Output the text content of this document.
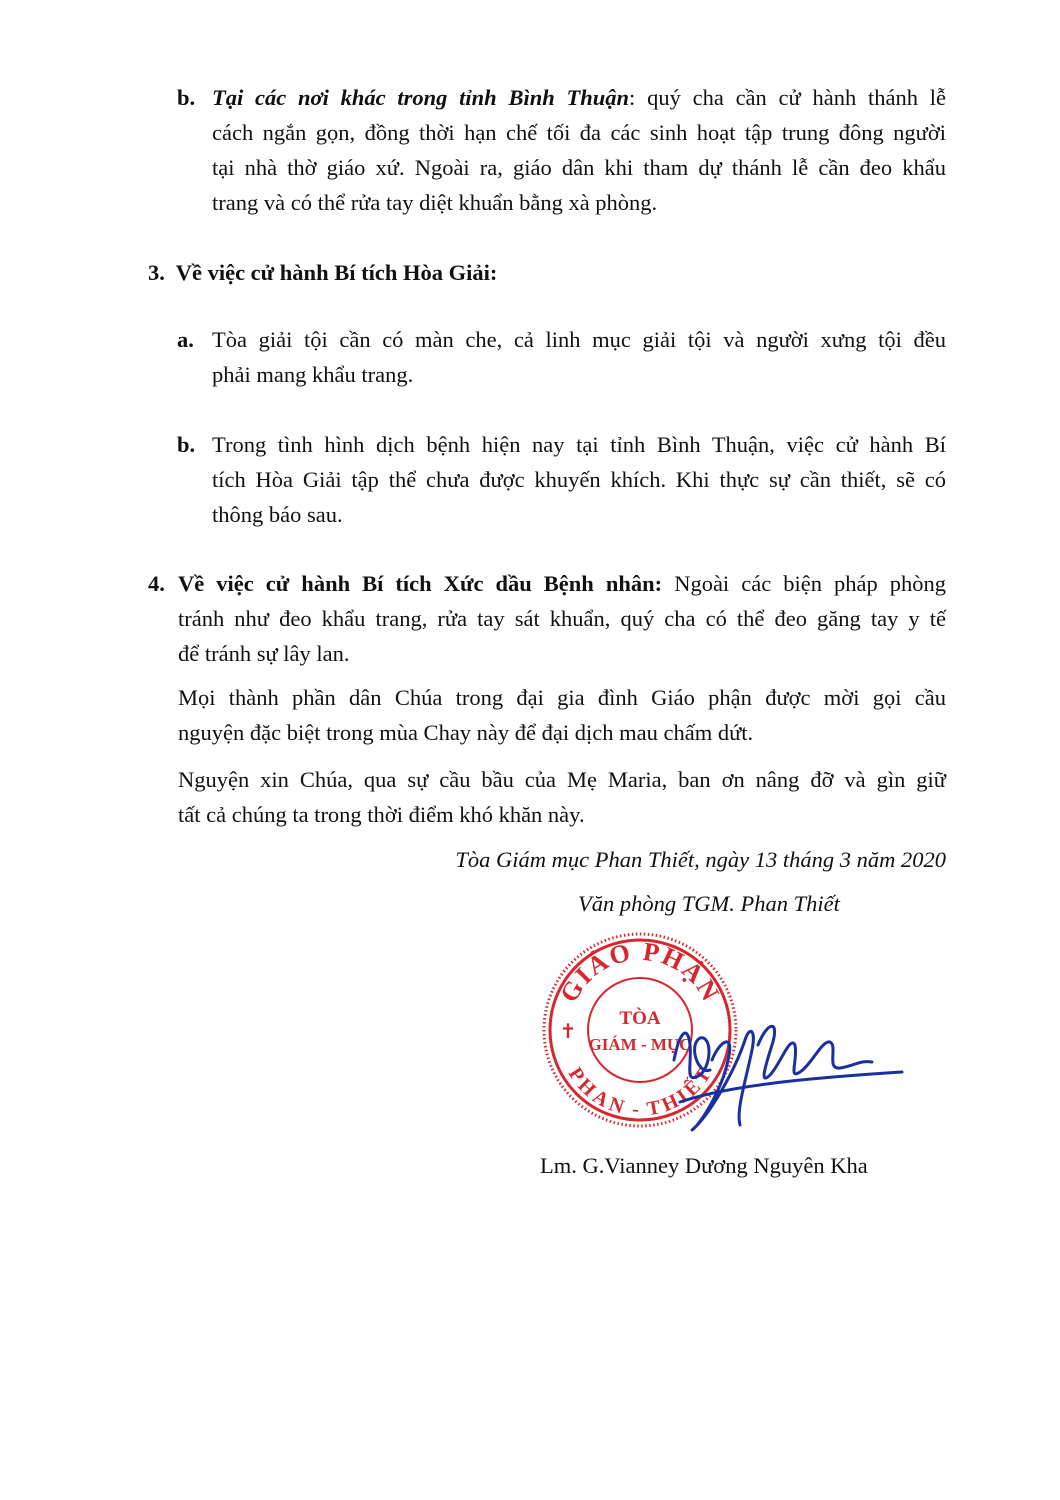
b. Tại các nơi khác trong tỉnh Bình Thuận: quý cha cần cử hành thánh lễ
cách ngắn gọn, đồng thời hạn chế tối đa các sinh hoạt tập trung đông người
tại nhà thờ giáo xứ. Ngoài ra, giáo dân khi tham dự thánh lễ cần đeo khẩu
trang và có thể rửa tay diệt khuẩn bằng xà phòng.
3.  Về việc cử hành Bí tích Hòa Giải:
a. Tòa giải tội cần có màn che, cả linh mục giải tội và người xưng tội đều
phải mang khẩu trang.
b. Trong tình hình dịch bệnh hiện nay tại tỉnh Bình Thuận, việc cử hành Bí
tích Hòa Giải tập thể chưa được khuyến khích. Khi thực sự cần thiết, sẽ có
thông báo sau.
4. Về việc cử hành Bí tích Xức dầu Bệnh nhân: Ngoài các biện pháp phòng
tránh như đeo khẩu trang, rửa tay sát khuẩn, quý cha có thể đeo găng tay y tế
để tránh sự lây lan.
Mọi thành phần dân Chúa trong đại gia đình Giáo phận được mời gọi cầu
nguyện đặc biệt trong mùa Chay này để đại dịch mau chấm dứt.
Nguyện xin Chúa, qua sự cầu bầu của Mẹ Maria, ban ơn nâng đỡ và gìn giữ
tất cả chúng ta trong thời điểm khó khăn này.
Tòa Giám mục Phan Thiết, ngày 13 tháng 3 năm 2020
Văn phòng TGM. Phan Thiết
GIÁO PHẬN
PHAN - THIẾT
TÒA
GIÁM - MỤC
✝
Lm. G.Vianney Dương Nguyên Kha
